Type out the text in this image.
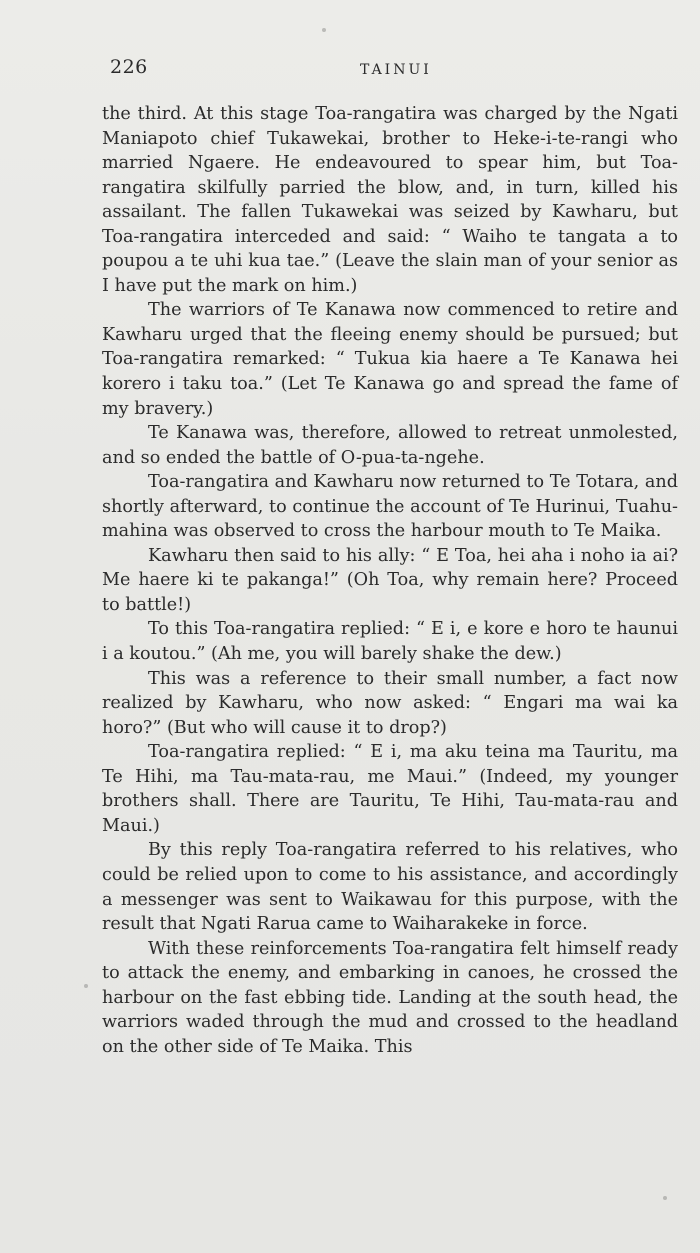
226	TAINUI

the third. At this stage Toa-rangatira was charged by the Ngati Maniapoto chief Tukawekai, brother to Heke-i-te-rangi who married Ngaere. He endeavoured to spear him, but Toa-rangatira skilfully parried the blow, and, in turn, killed his assailant. The fallen Tukawekai was seized by Kawharu, but Toa-rangatira interceded and said: “ Waiho te tangata a to poupou a te uhi kua tae.” (Leave the slain man of your senior as I have put the mark on him.)

The warriors of Te Kanawa now commenced to retire and Kawharu urged that the fleeing enemy should be pursued; but Toa-rangatira remarked: “ Tukua kia haere a Te Kanawa hei korero i taku toa.” (Let Te Kanawa go and spread the fame of my bravery.)

Te Kanawa was, therefore, allowed to retreat unmolested, and so ended the battle of O-pua-ta-ngehe.

Toa-rangatira and Kawharu now returned to Te Totara, and shortly afterward, to continue the account of Te Hurinui, Tuahu-mahina was observed to cross the harbour mouth to Te Maika.

Kawharu then said to his ally: “ E Toa, hei aha i noho ia ai? Me haere ki te pakanga!” (Oh Toa, why remain here? Proceed to battle!)

To this Toa-rangatira replied: “ E i, e kore e horo te haunui i a koutou.” (Ah me, you will barely shake the dew.)

This was a reference to their small number, a fact now realized by Kawharu, who now asked: “ Engari ma wai ka horo?” (But who will cause it to drop?)

Toa-rangatira replied: “ E i, ma aku teina ma Tauritu, ma Te Hihi, ma Tau-mata-rau, me Maui.” (Indeed, my younger brothers shall. There are Tauritu, Te Hihi, Tau-mata-rau and Maui.)

By this reply Toa-rangatira referred to his relatives, who could be relied upon to come to his assistance, and accordingly a messenger was sent to Waikawau for this purpose, with the result that Ngati Rarua came to Waiharakeke in force.

With these reinforcements Toa-rangatira felt himself ready to attack the enemy, and embarking in canoes, he crossed the harbour on the fast ebbing tide. Landing at the south head, the warriors waded through the mud and crossed to the headland on the other side of Te Maika. This
